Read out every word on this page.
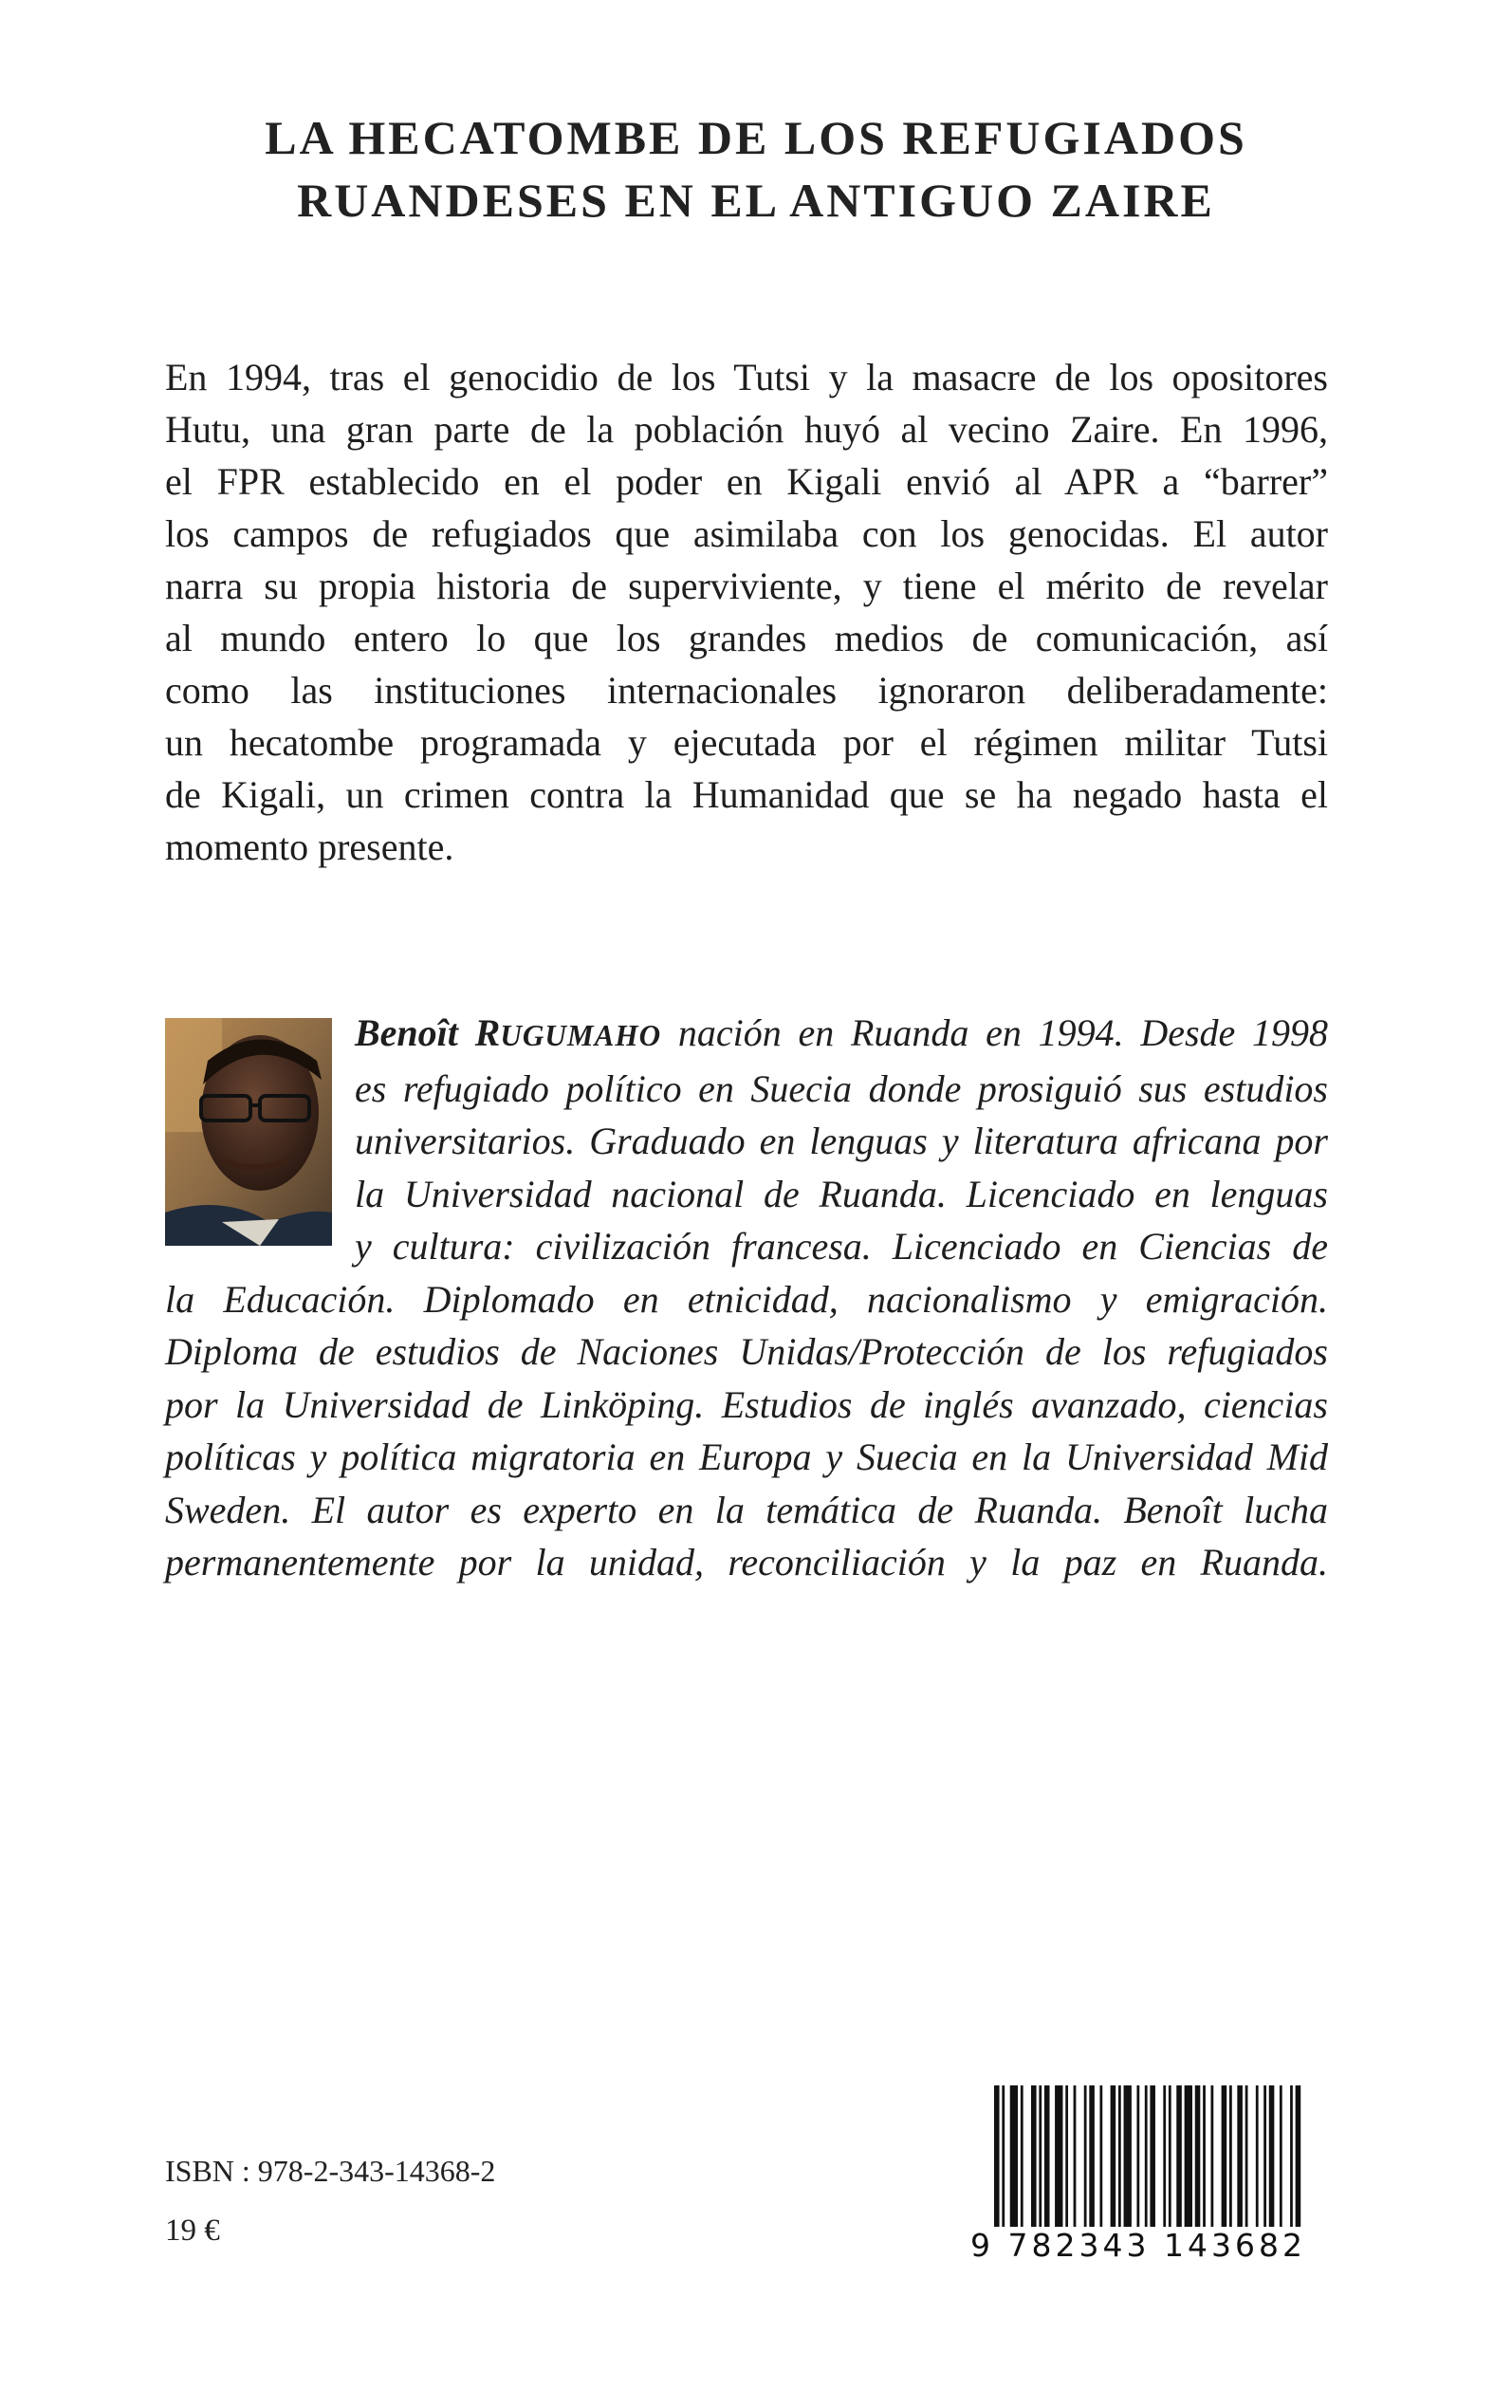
LA HECATOMBE DE LOS REFUGIADOS
RUANDESES EN EL ANTIGUO ZAIRE
En 1994, tras el genocidio de los Tutsi y la masacre de los opositores
Hutu, una gran parte de la población huyó al vecino Zaire. En 1996,
el FPR establecido en el poder en Kigali envió al APR a “barrer”
los campos de refugiados que asimilaba con los genocidas. El autor
narra su propia historia de superviviente, y tiene el mérito de revelar
al mundo entero lo que los grandes medios de comunicación, así
como las instituciones internacionales ignoraron deliberadamente:
un hecatombe programada y ejecutada por el régimen militar Tutsi
de Kigali, un crimen contra la Humanidad que se ha negado hasta el
momento presente.
Benoît RUGUMAHO nación en Ruanda en 1994. Desde 1998
es refugiado político en Suecia donde prosiguió sus estudios
universitarios. Graduado en lenguas y literatura africana por
la Universidad nacional de Ruanda. Licenciado en lenguas
y cultura: civilización francesa. Licenciado en Ciencias de
la Educación. Diplomado en etnicidad, nacionalismo y emigración.
Diploma de estudios de Naciones Unidas/Protección de los refugiados
por la Universidad de Linköping. Estudios de inglés avanzado, ciencias
políticas y política migratoria en Europa y Suecia en la Universidad Mid
Sweden. El autor es experto en la temática de Ruanda. Benoît lucha
permanentemente por la unidad, reconciliación y la paz en Ruanda.
ISBN : 978-2-343-14368-2
19 €	9 782343 143682
